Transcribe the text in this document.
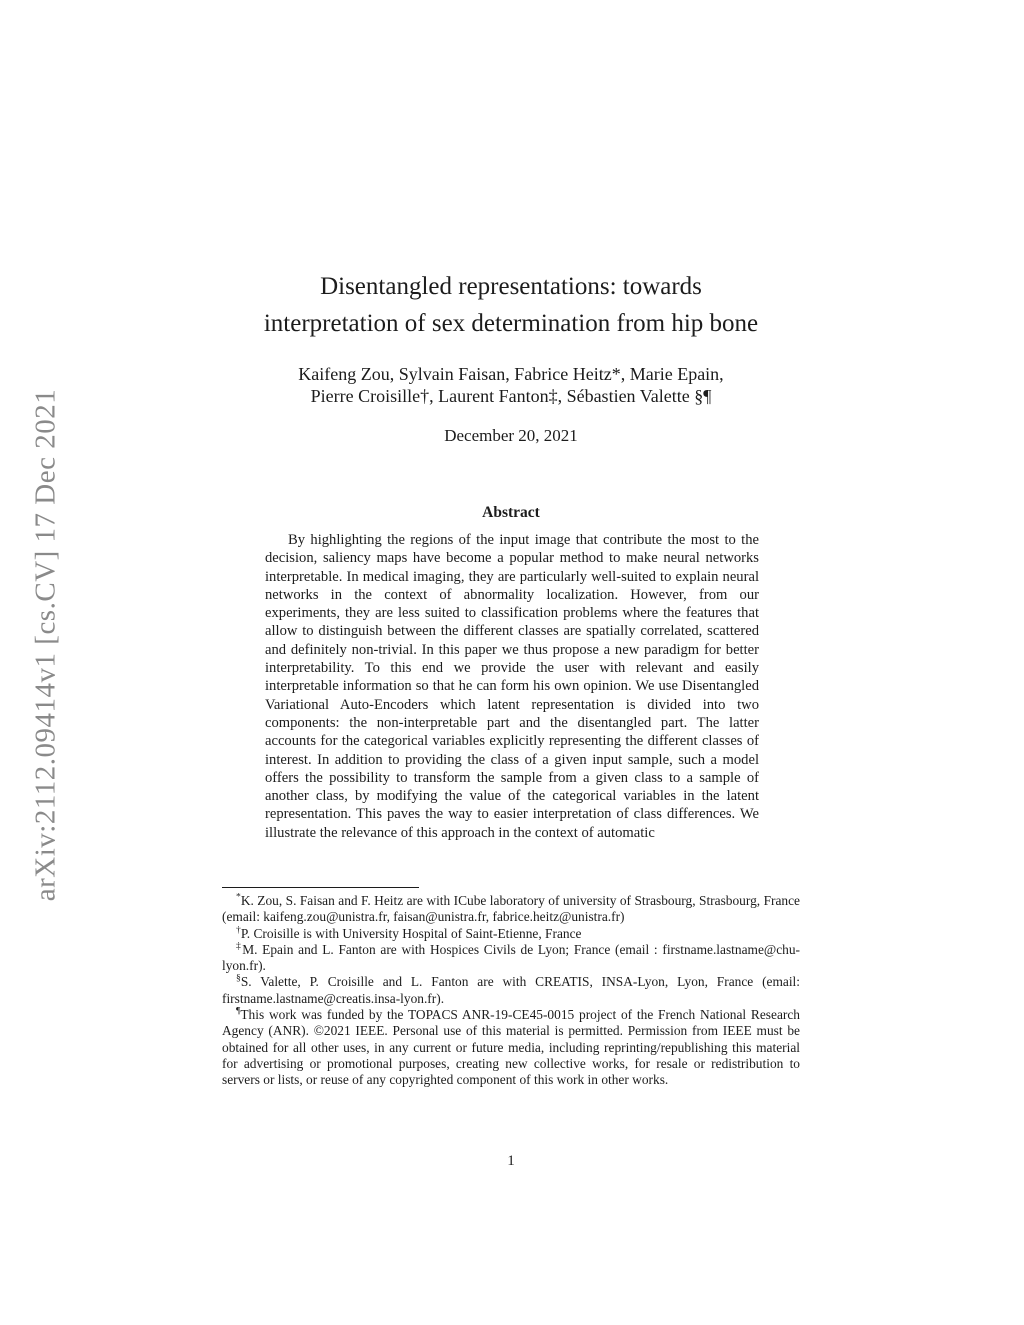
arXiv:2112.09414v1 [cs.CV] 17 Dec 2021
Disentangled representations: towards
interpretation of sex determination from hip bone
Kaifeng Zou, Sylvain Faisan, Fabrice Heitz*, Marie Epain,
Pierre Croisille†, Laurent Fanton‡, Sébastien Valette §¶
December 20, 2021
Abstract

By highlighting the regions of the input image that contribute the most to the decision, saliency maps have become a popular method to make neural networks interpretable. In medical imaging, they are particularly well-suited to explain neural networks in the context of abnormality localization. However, from our experiments, they are less suited to classification problems where the features that allow to distinguish between the different classes are spatially correlated, scattered and definitely non-trivial. In this paper we thus propose a new paradigm for better interpretability. To this end we provide the user with relevant and easily interpretable information so that he can form his own opinion. We use Disentangled Variational Auto-Encoders which latent representation is divided into two components: the non-interpretable part and the disentangled part. The latter accounts for the categorical variables explicitly representing the different classes of interest. In addition to providing the class of a given input sample, such a model offers the possibility to transform the sample from a given class to a sample of another class, by modifying the value of the categorical variables in the latent representation. This paves the way to easier interpretation of class differences. We illustrate the relevance of this approach in the context of automatic

*K. Zou, S. Faisan and F. Heitz are with ICube laboratory of university of Strasbourg, Strasbourg, France (email: kaifeng.zou@unistra.fr, faisan@unistra.fr, fabrice.heitz@unistra.fr)

†P. Croisille is with University Hospital of Saint-Etienne, France

‡M. Epain and L. Fanton are with Hospices Civils de Lyon; France (email : firstname.lastname@chu-lyon.fr).

§S. Valette, P. Croisille and L. Fanton are with CREATIS, INSA-Lyon, Lyon, France (email: firstname.lastname@creatis.insa-lyon.fr).

¶This work was funded by the TOPACS ANR-19-CE45-0015 project of the French National Research Agency (ANR). ©2021 IEEE. Personal use of this material is permitted. Permission from IEEE must be obtained for all other uses, in any current or future media, including reprinting/republishing this material for advertising or promotional purposes, creating new collective works, for resale or redistribution to servers or lists, or reuse of any copyrighted component of this work in other works.

1
